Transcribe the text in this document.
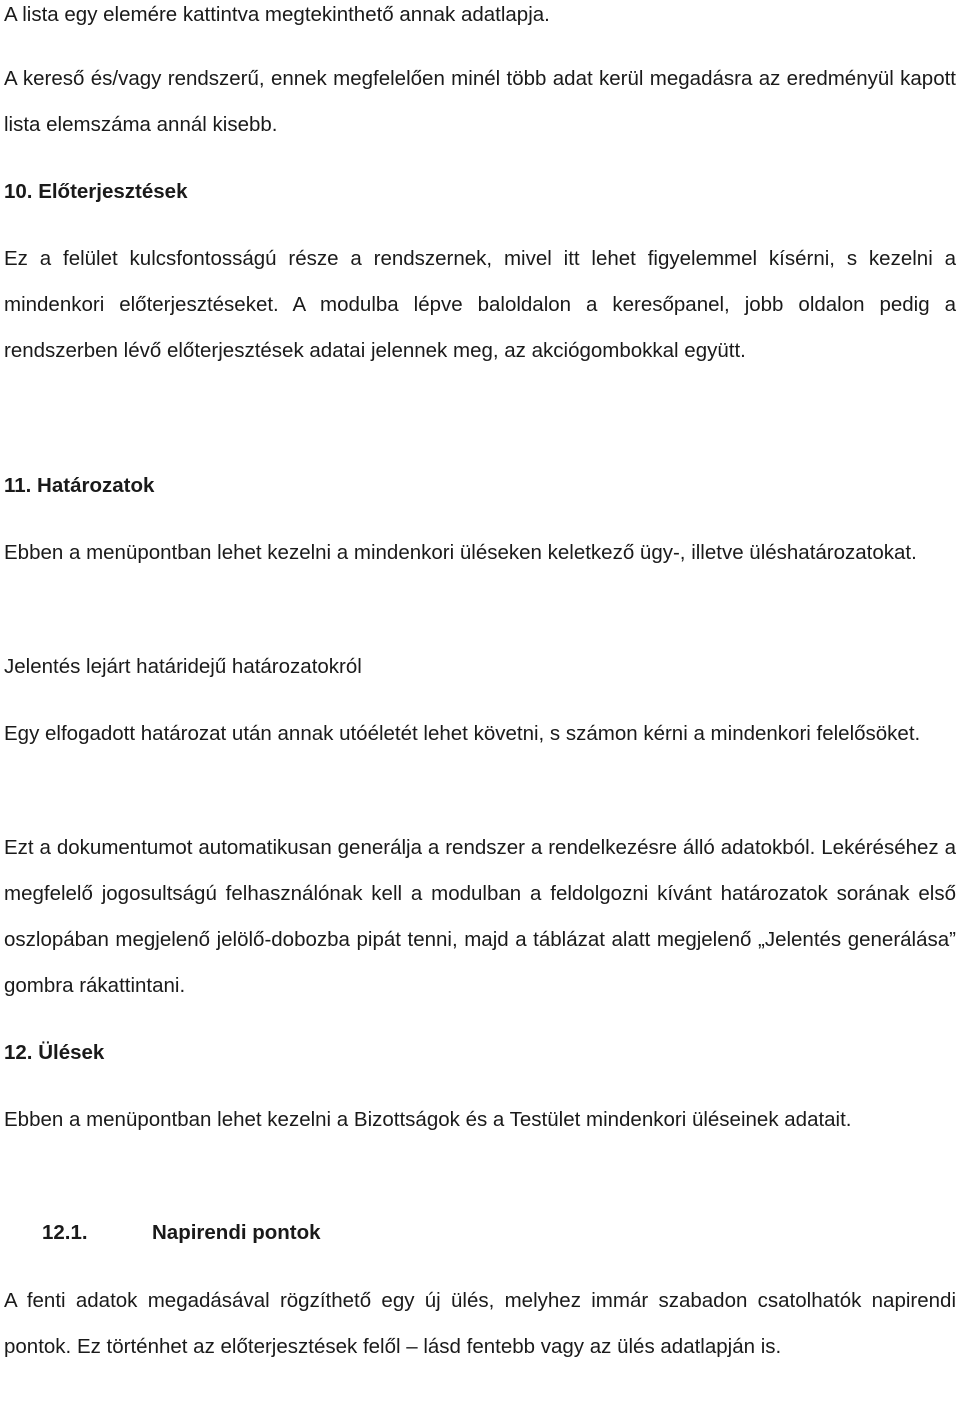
A lista egy elemére kattintva megtekinthető annak adatlapja.

A kereső és/vagy rendszerű, ennek megfelelően minél több adat kerül megadásra az eredményül kapott lista elemszáma annál kisebb.

10. Előterjesztések

Ez a felület kulcsfontosságú része a rendszernek, mivel itt lehet figyelemmel kísérni, s kezelni a mindenkori előterjesztéseket. A modulba lépve baloldalon a keresőpanel, jobb oldalon pedig a rendszerben lévő előterjesztések adatai jelennek meg, az akciógombokkal együtt.

11. Határozatok

Ebben a menüpontban lehet kezelni a mindenkori üléseken keletkező ügy-, illetve üléshatározatokat.

Jelentés lejárt határidejű határozatokról

Egy elfogadott határozat után annak utóéletét lehet követni, s számon kérni a mindenkori felelősöket.

Ezt a dokumentumot automatikusan generálja a rendszer a rendelkezésre álló adatokból. Lekéréséhez a megfelelő jogosultságú felhasználónak kell a modulban a feldolgozni kívánt határozatok sorának első oszlopában megjelenő jelölő-dobozba pipát tenni, majd a táblázat alatt megjelenő „Jelentés generálása” gombra rákattintani.

12. Ülések

Ebben a menüpontban lehet kezelni a Bizottságok és a Testület mindenkori üléseinek adatait.

12.1.	Napirendi pontok

A fenti adatok megadásával rögzíthető egy új ülés, melyhez immár szabadon csatolhatók napirendi pontok. Ez történhet az előterjesztések felől – lásd fentebb vagy az ülés adatlapján is.
